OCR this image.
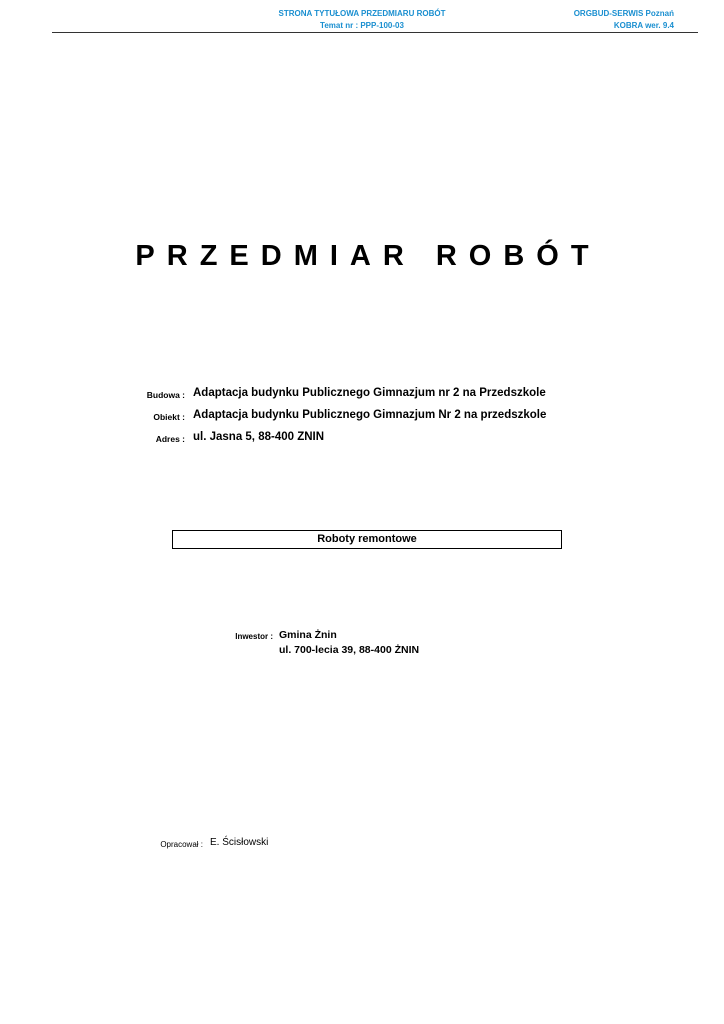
STRONA TYTUŁOWA PRZEDMIARU ROBÓT
Temat nr : PPP-100-03
ORGBUD-SERWIS Poznań
KOBRA wer. 9.4
PRZEDMIAR ROBÓT
Budowa : Adaptacja budynku Publicznego Gimnazjum nr 2 na Przedszkole
Obiekt : Adaptacja budynku Publicznego Gimnazjum Nr 2 na przedszkole
Adres : ul. Jasna 5, 88-400 ZNIN
Roboty remontowe
Inwestor : Gmina Żnin
ul. 700-lecia 39, 88-400 ŻNIN
Opracował : E. Ścisłowski
